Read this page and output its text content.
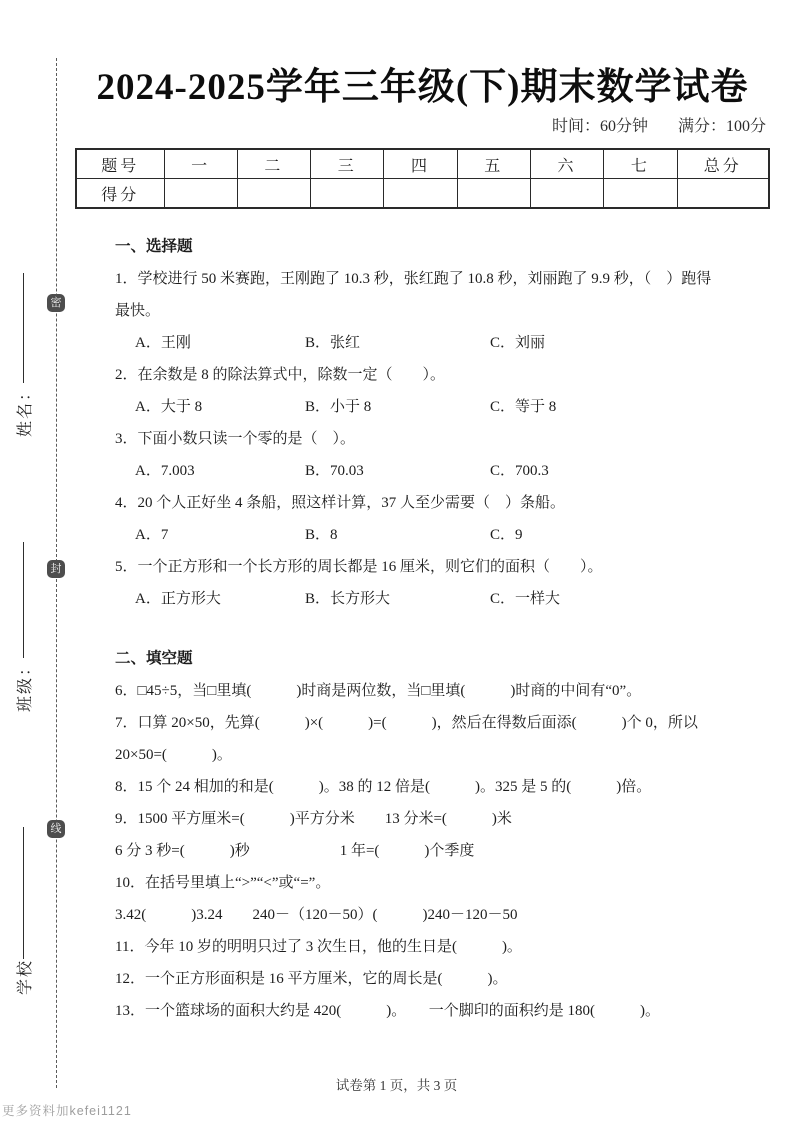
密
封
线
姓名：
班级：
学校
2024-2025学年三年级(下)期末数学试卷
时间：60分钟 满分：100分
题号	一	二	三	四	五	六	七	总分
得分								

一、选择题

1．学校进行 50 米赛跑，王刚跑了 10.3 秒，张红跑了 10.8 秒，刘丽跑了 9.9 秒，（　）跑得

最快。

A．王刚	B．张红	C．刘丽

2．在余数是 8 的除法算式中，除数一定（　　）。

A．大于 8	B．小于 8	C．等于 8

3．下面小数只读一个零的是（　）。

A．7.003	B．70.03	C．700.3

4．20 个人正好坐 4 条船，照这样计算，37 人至少需要（　）条船。

A．7	B．8	C．9

5．一个正方形和一个长方形的周长都是 16 厘米，则它们的面积（　　）。

A．正方形大	B．长方形大	C．一样大

二、填空题

6．□45÷5，当□里填(　　　)时商是两位数，当□里填(　　　)时商的中间有“0”。

7．口算 20×50，先算(　　　)×(　　　)=(　　　)，然后在得数后面添(　　　)个 0，所以

20×50=(　　　)。

8．15 个 24 相加的和是(　　　)。38 的 12 倍是(　　　)。325 是 5 的(　　　)倍。

9．1500 平方厘米=(　　　)平方分米　　13 分米=(　　　)米

6 分 3 秒=(　　　)秒　　　　　　1 年=(　　　)个季度

10．在括号里填上“>”“<”或“=”。

3.42(　　　)3.24　　240－（120－50）(　　　)240－120－50

11．今年 10 岁的明明只过了 3 次生日，他的生日是(　　　)。

12．一个正方形面积是 16 平方厘米，它的周长是(　　　)。

13．一个篮球场的面积大约是 420(　　　)。　　一个脚印的面积约是 180(　　　)。

试卷第 1 页，共 3 页
更多资料加kefei1121
